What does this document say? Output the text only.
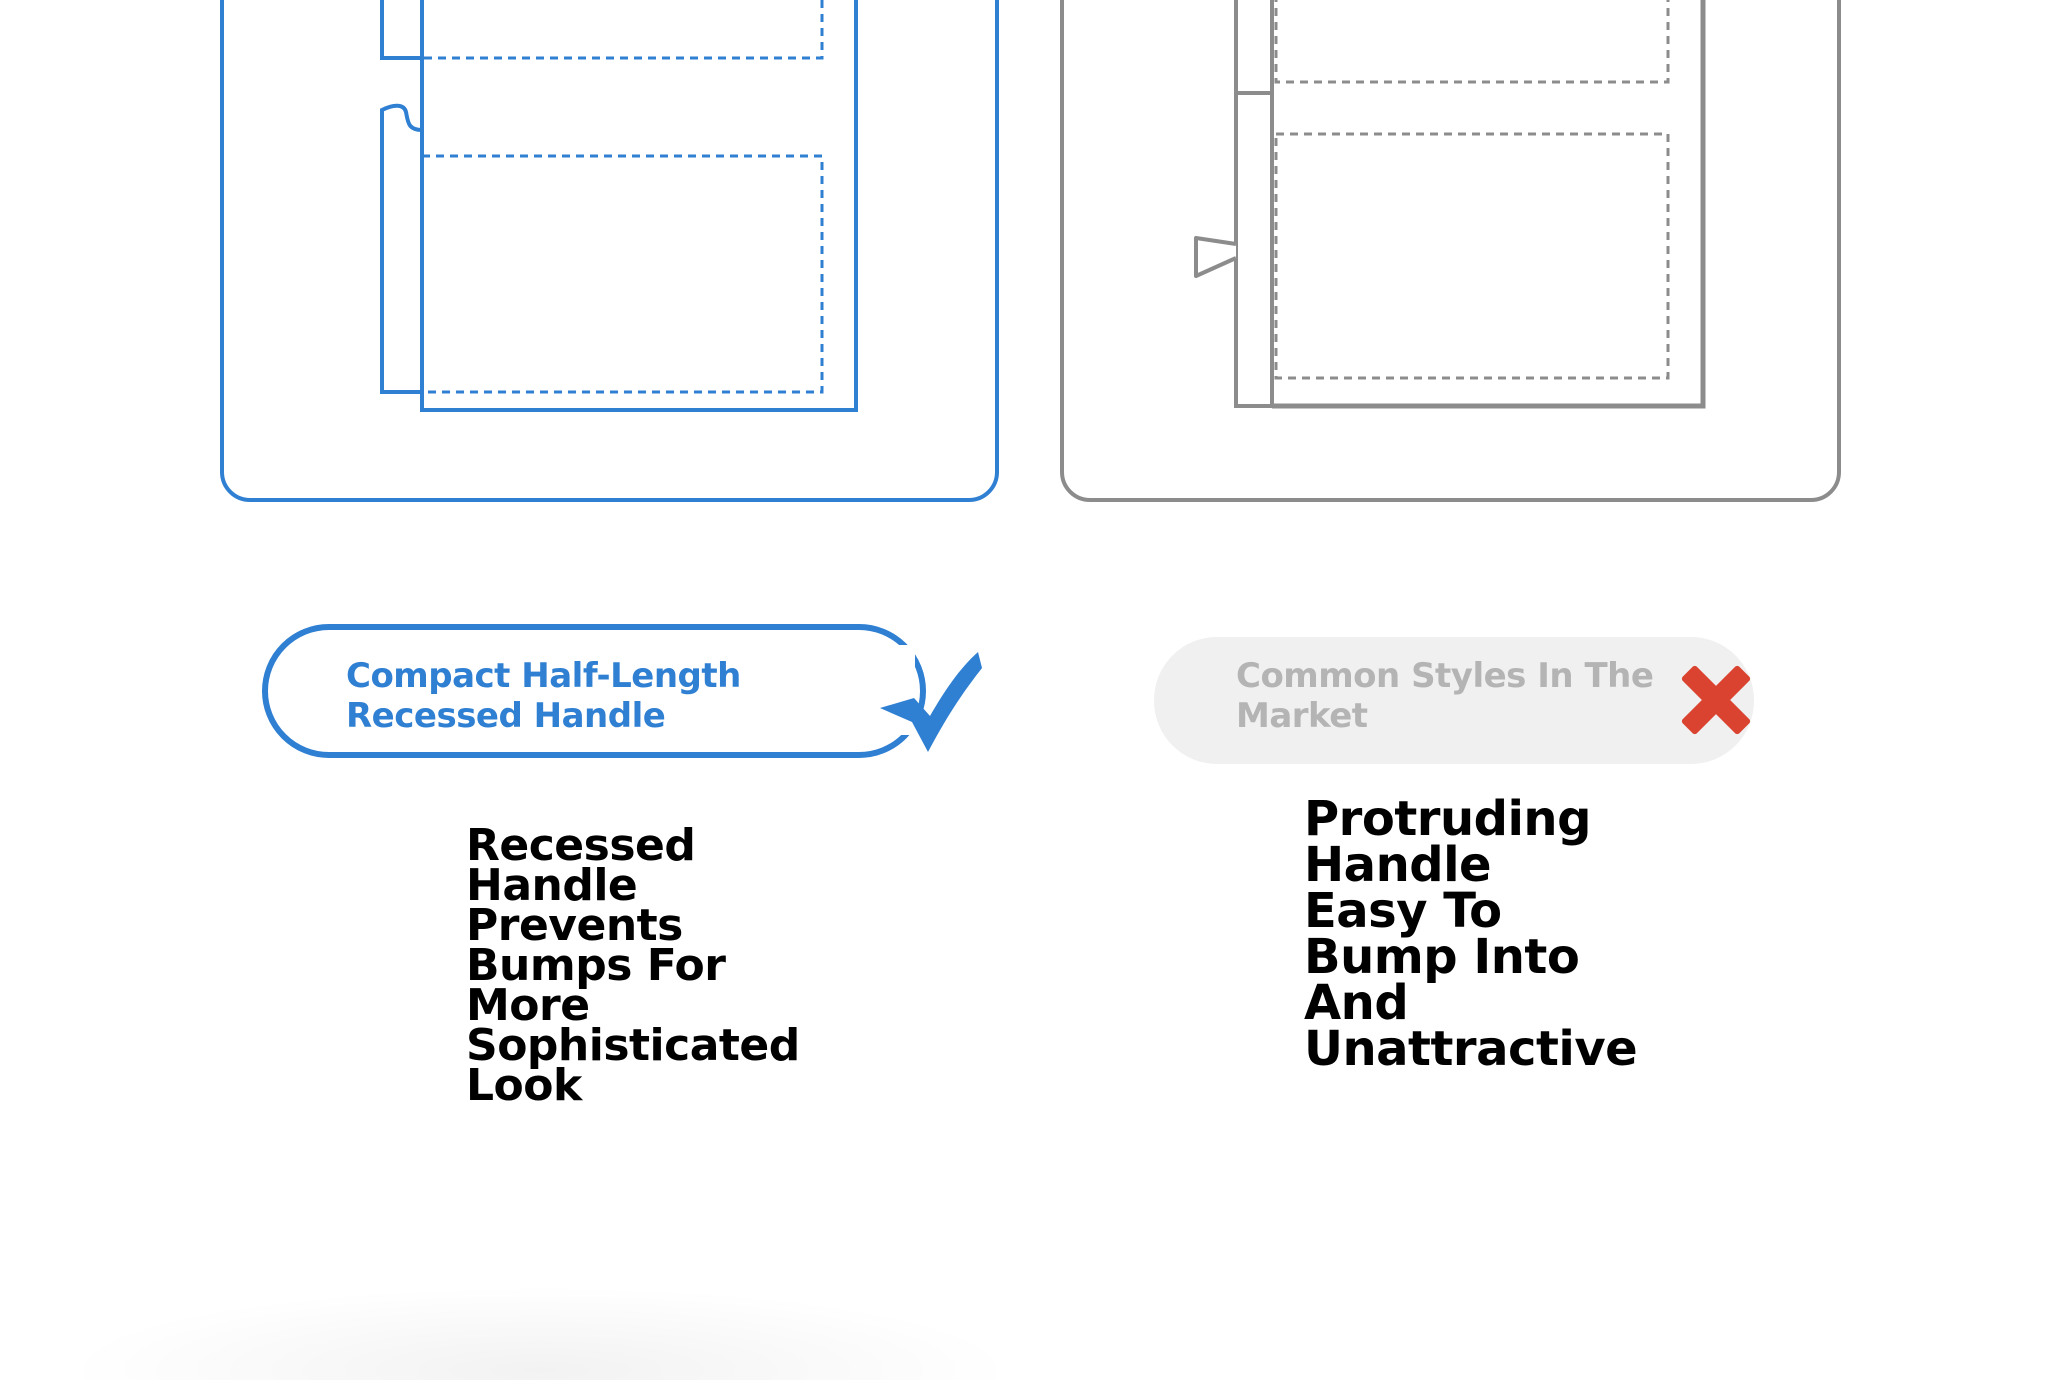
Compact Half-Length
Recessed Handle
Common Styles In The
Market
Recessed
Handle
Prevents
Bumps For
More
Sophisticated
Look
Protruding
Handle
Easy To
Bump Into
And
Unattractive
